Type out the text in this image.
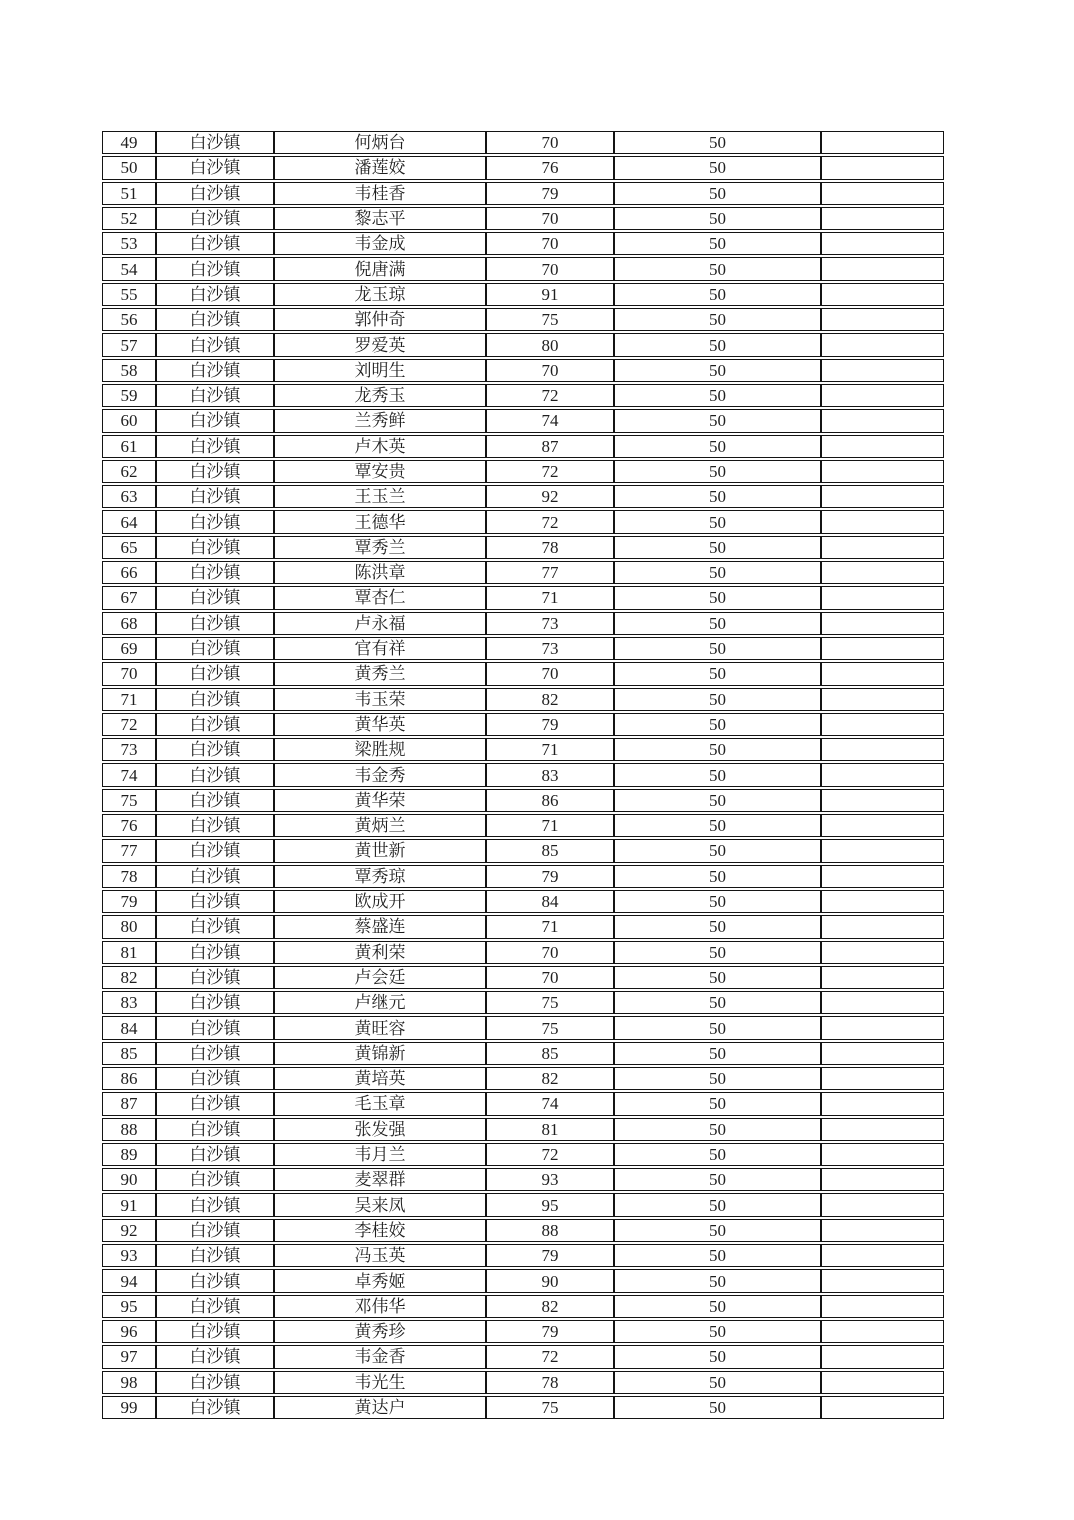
49	白沙镇	何炳台	70	50	
50	白沙镇	潘莲姣	76	50	
51	白沙镇	韦桂香	79	50	
52	白沙镇	黎志平	70	50	
53	白沙镇	韦金成	70	50	
54	白沙镇	倪唐满	70	50	
55	白沙镇	龙玉琼	91	50	
56	白沙镇	郭仲奇	75	50	
57	白沙镇	罗爱英	80	50	
58	白沙镇	刘明生	70	50	
59	白沙镇	龙秀玉	72	50	
60	白沙镇	兰秀鲜	74	50	
61	白沙镇	卢木英	87	50	
62	白沙镇	覃安贵	72	50	
63	白沙镇	王玉兰	92	50	
64	白沙镇	王德华	72	50	
65	白沙镇	覃秀兰	78	50	
66	白沙镇	陈洪章	77	50	
67	白沙镇	覃杏仁	71	50	
68	白沙镇	卢永福	73	50	
69	白沙镇	官有祥	73	50	
70	白沙镇	黄秀兰	70	50	
71	白沙镇	韦玉荣	82	50	
72	白沙镇	黄华英	79	50	
73	白沙镇	梁胜规	71	50	
74	白沙镇	韦金秀	83	50	
75	白沙镇	黄华荣	86	50	
76	白沙镇	黄炳兰	71	50	
77	白沙镇	黄世新	85	50	
78	白沙镇	覃秀琼	79	50	
79	白沙镇	欧成开	84	50	
80	白沙镇	蔡盛连	71	50	
81	白沙镇	黄利荣	70	50	
82	白沙镇	卢会廷	70	50	
83	白沙镇	卢继元	75	50	
84	白沙镇	黄旺容	75	50	
85	白沙镇	黄锦新	85	50	
86	白沙镇	黄培英	82	50	
87	白沙镇	毛玉章	74	50	
88	白沙镇	张发强	81	50	
89	白沙镇	韦月兰	72	50	
90	白沙镇	麦翠群	93	50	
91	白沙镇	吴来凤	95	50	
92	白沙镇	李桂姣	88	50	
93	白沙镇	冯玉英	79	50	
94	白沙镇	卓秀姬	90	50	
95	白沙镇	邓伟华	82	50	
96	白沙镇	黄秀珍	79	50	
97	白沙镇	韦金香	72	50	
98	白沙镇	韦光生	78	50	
99	白沙镇	黄达户	75	50	
